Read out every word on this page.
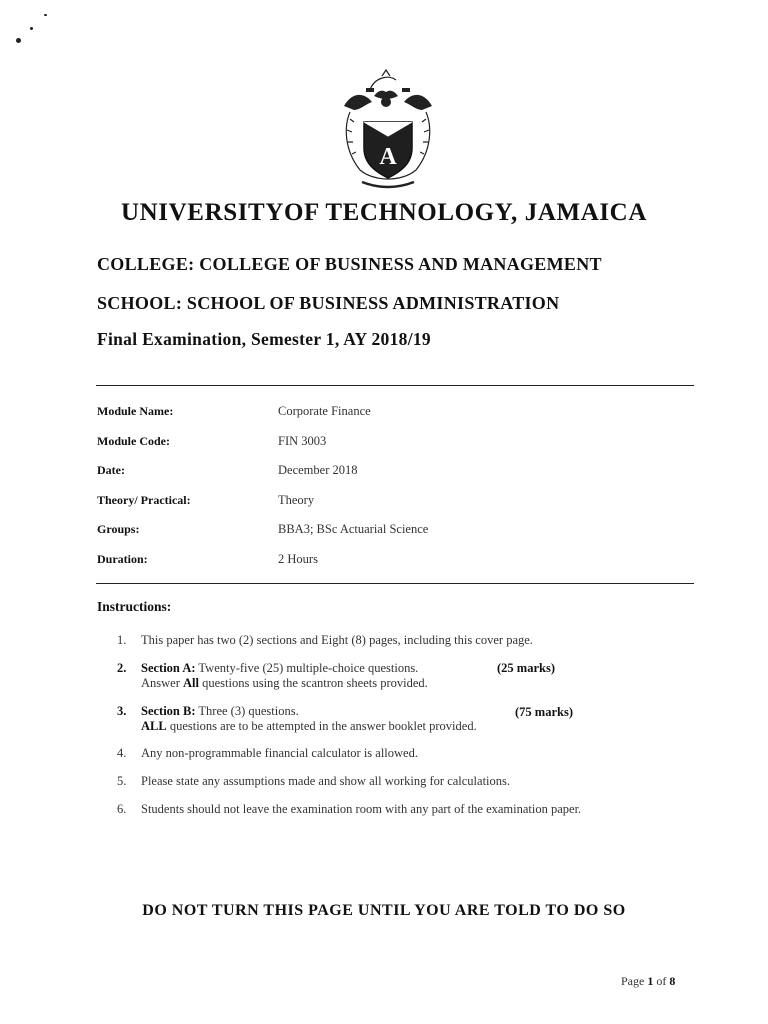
A
UNIVERSITYOF TECHNOLOGY, JAMAICA

COLLEGE: COLLEGE OF BUSINESS AND MANAGEMENT

SCHOOL: SCHOOL OF BUSINESS ADMINISTRATION

Final Examination, Semester 1, AY 2018/19

Module Name:	Corporate Finance
Module Code:	FIN 3003
Date:	December 2018
Theory/ Practical:	Theory
Groups:	BBA3; BSc Actuarial Science
Duration:	2 Hours
Instructions:
1.	This paper has two (2) sections and Eight (8) pages, including this cover page.
2.	Section A: Twenty-five (25) multiple-choice questions.
Answer All questions using the scantron sheets provided.
(25 marks)
3.	Section B: Three (3) questions.
ALL questions are to be attempted in the answer booklet provided.
(75 marks)
4.	Any non-programmable financial calculator is allowed.
5.	Please state any assumptions made and show all working for calculations.
6.	Students should not leave the examination room with any part of the examination paper.

DO NOT TURN THIS PAGE UNTIL YOU ARE TOLD TO DO SO

Page 1 of 8
